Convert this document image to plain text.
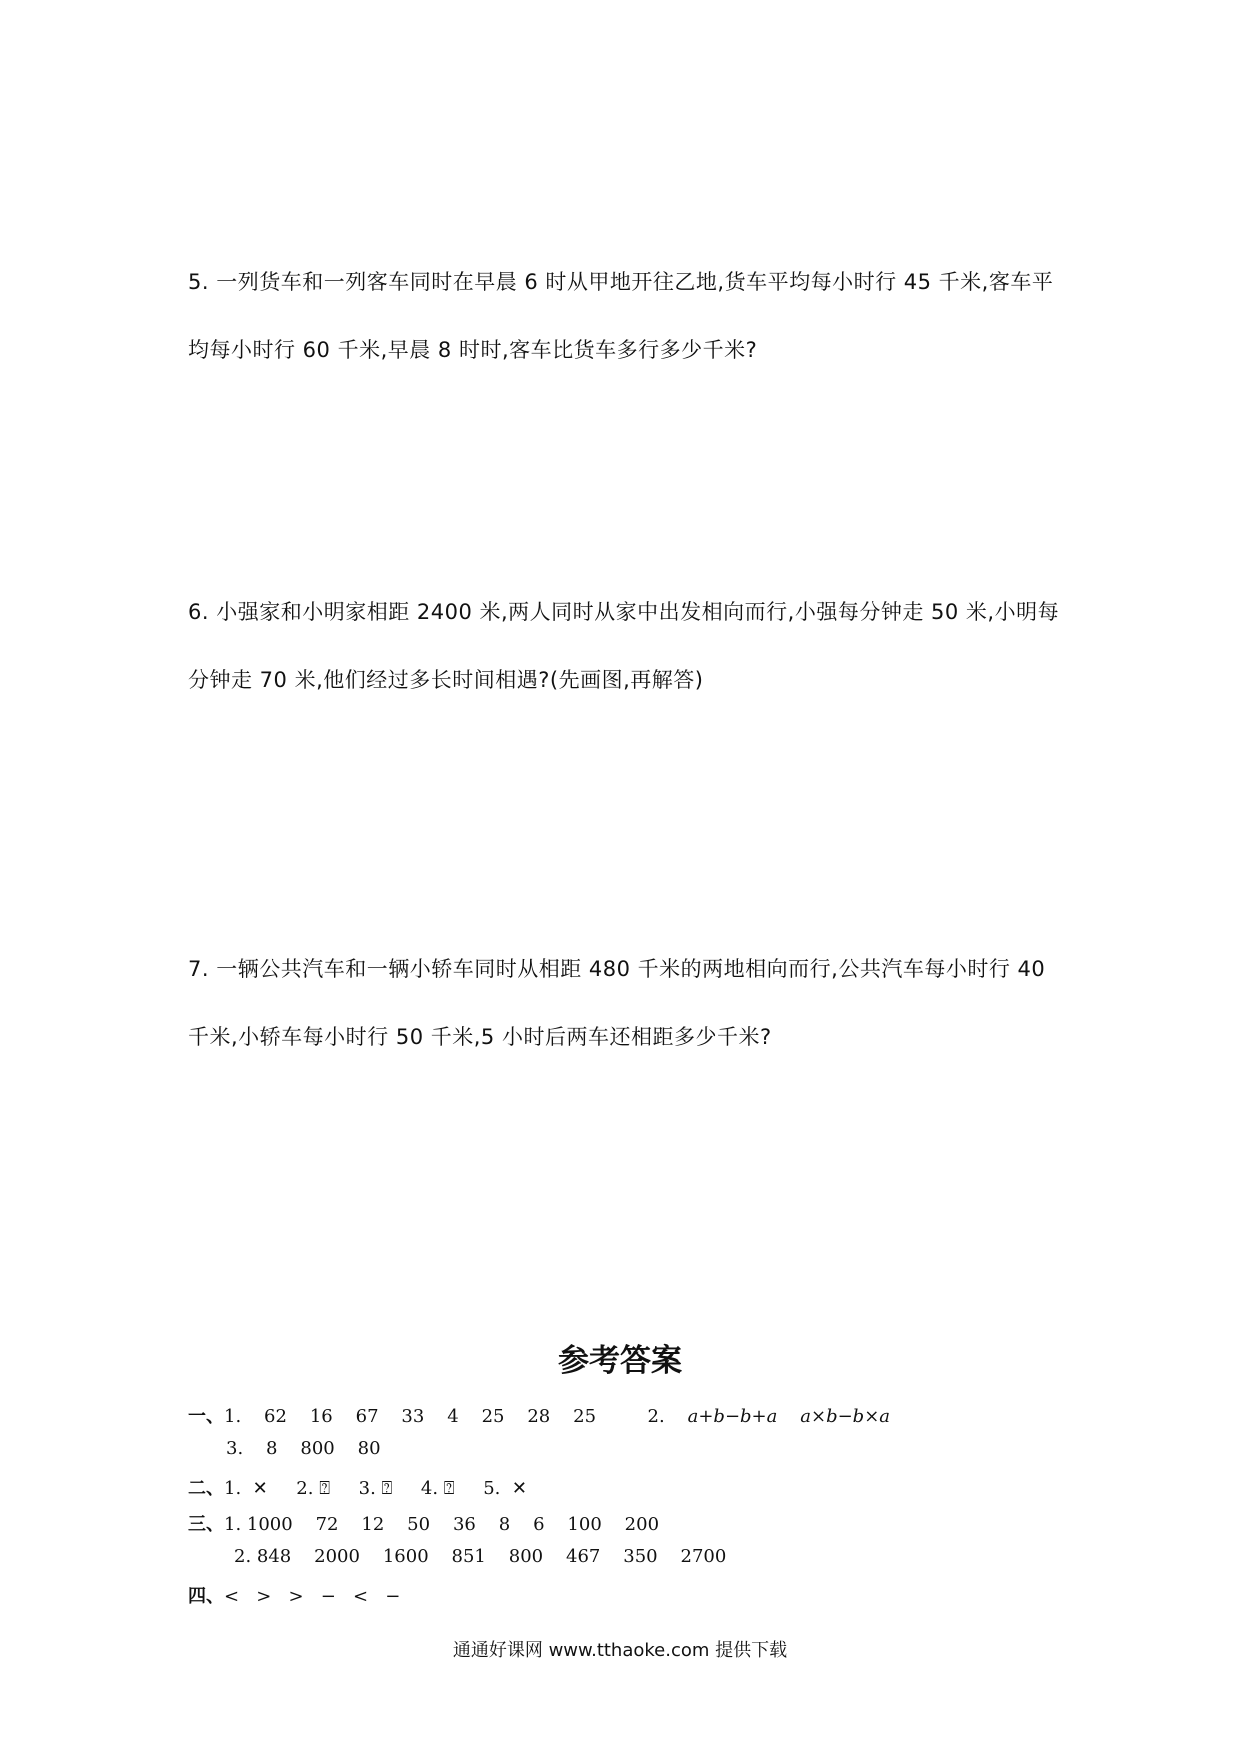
5. 一列货车和一列客车同时在早晨 6 时从甲地开往乙地,货车平均每小时行 45 千米,客车平均每小时行 60 千米,早晨 8 时时,客车比货车多行多少千米?

6. 小强家和小明家相距 2400 米,两人同时从家中出发相向而行,小强每分钟走 50 米,小明每分钟走 70 米,他们经过多长时间相遇?(先画图,再解答)

7. 一辆公共汽车和一辆小轿车同时从相距 480 千米的两地相向而行,公共汽车每小时行 40 千米,小轿车每小时行 50 千米,5 小时后两车还相距多少千米?

参考答案
一、1.    62    16    67    33    4    25    28    25         2.    a+b−b+a    a×b−b×a
3.    8    800    80
二、1.  ✕     2. ⍰     3. ⍰     4. ⍰     5.  ✕
三、1. 1000    72    12    50    36    8    6    100    200
2. 848    2000    1600    851    800    467    350    2700
四、<   >   >   −   <   −
通通好课网 www.tthaoke.com 提供下载
